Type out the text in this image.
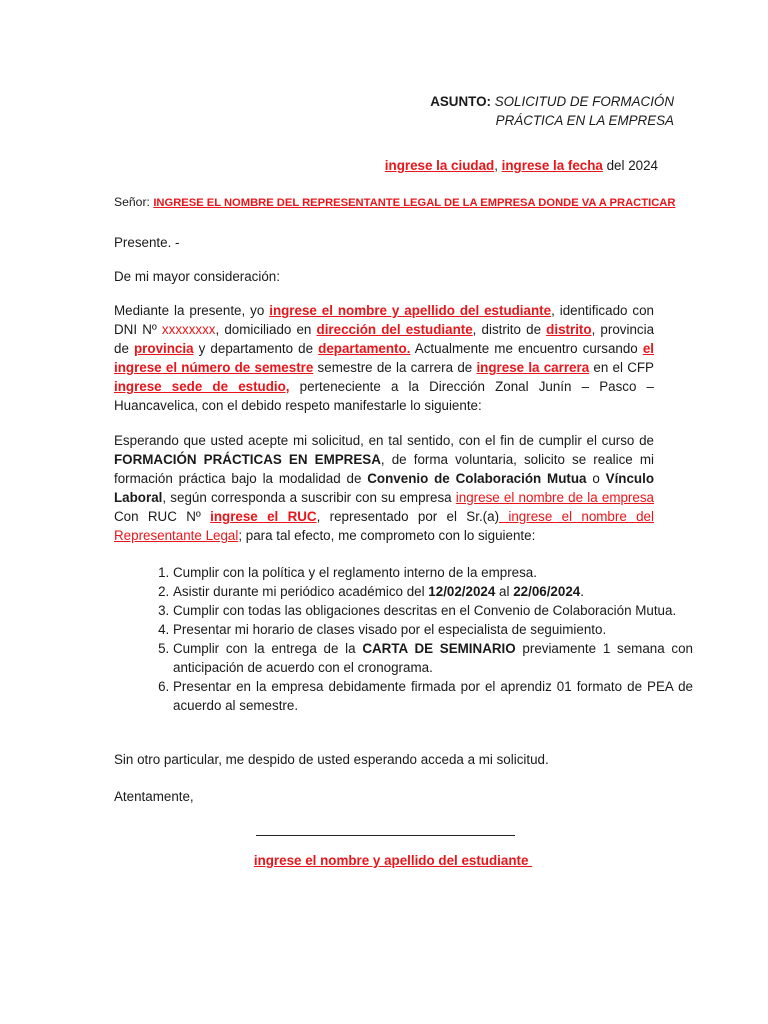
ASUNTO: SOLICITUD DE FORMACIÓN
PRÁCTICA EN LA EMPRESA
ingrese la ciudad, ingrese la fecha del 2024
Señor: INGRESE EL NOMBRE DEL REPRESENTANTE LEGAL DE LA EMPRESA DONDE VA A PRACTICAR
Presente. -
De mi mayor consideración:
Mediante la presente, yo ingrese el nombre y apellido del estudiante, identificado con DNI Nº xxxxxxxx, domiciliado en dirección del estudiante, distrito de distrito, provincia de provincia y departamento de departamento. Actualmente me encuentro cursando el ingrese el número de semestre semestre de la carrera de ingrese la carrera en el CFP ingrese sede de estudio, perteneciente a la Dirección Zonal Junín – Pasco – Huancavelica, con el debido respeto manifestarle lo siguiente:
Esperando que usted acepte mi solicitud, en tal sentido, con el fin de cumplir el curso de FORMACIÓN PRÁCTICAS EN EMPRESA, de forma voluntaria, solicito se realice mi formación práctica bajo la modalidad de Convenio de Colaboración Mutua o Vínculo Laboral, según corresponda a suscribir con su empresa ingrese el nombre de la empresa Con RUC Nº ingrese el RUC, representado por el Sr.(a) ingrese el nombre del Representante Legal; para tal efecto, me comprometo con lo siguiente:
1. Cumplir con la política y el reglamento interno de la empresa.
2. Asistir durante mi periódico académico del 12/02/2024 al 22/06/2024.
3. Cumplir con todas las obligaciones descritas en el Convenio de Colaboración Mutua.
4. Presentar mi horario de clases visado por el especialista de seguimiento.
5. Cumplir con la entrega de la CARTA DE SEMINARIO previamente 1 semana con anticipación de acuerdo con el cronograma.
6. Presentar en la empresa debidamente firmada por el aprendiz 01 formato de PEA de acuerdo al semestre.
Sin otro particular, me despido de usted esperando acceda a mi solicitud.
Atentamente,
ingrese el nombre y apellido del estudiante
